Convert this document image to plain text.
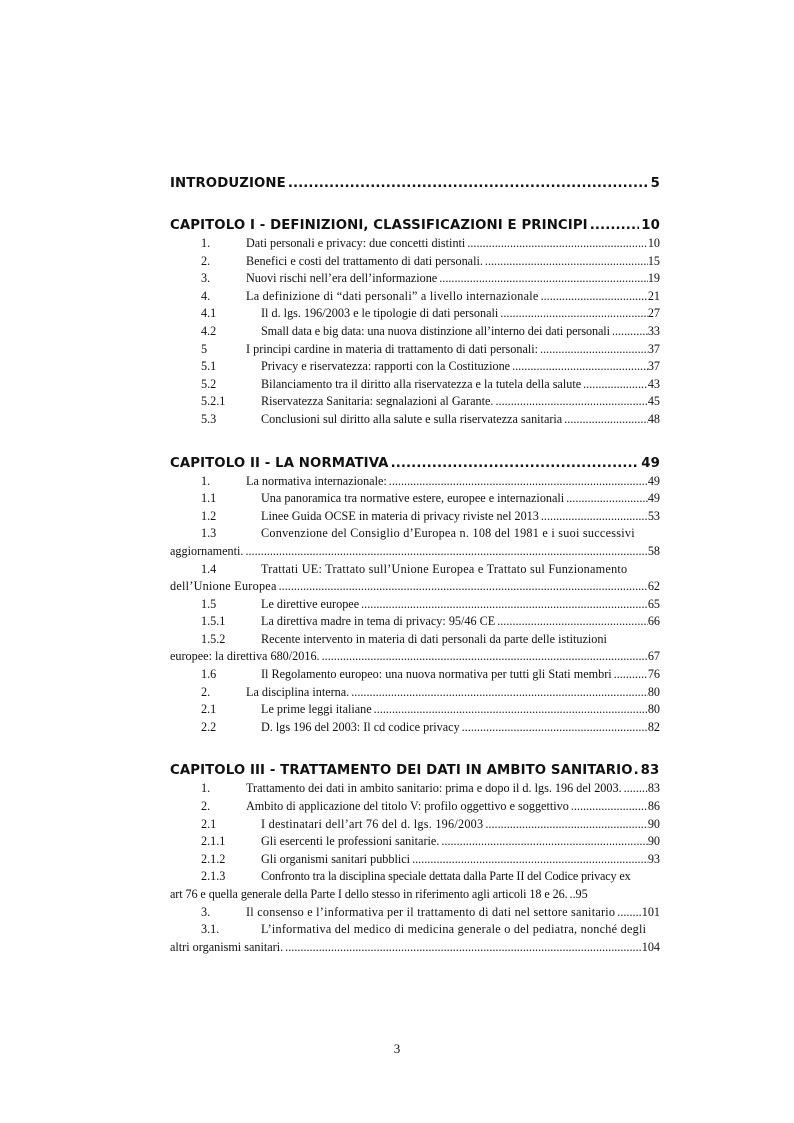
INTRODUZIONE .....	5
CAPITOLO I - DEFINIZIONI, CLASSIFICAZIONI E PRINCIPI .....	10
1.	Dati personali e privacy: due concetti distinti .....	10
2.	Benefici e costi del trattamento di dati personali. .....	15
3.	Nuovi rischi nell’era dell’informazione .....	19
4.	La definizione di “dati personali” a livello internazionale .....	21
4.1	Il d. lgs. 196/2003 e le tipologie di dati personali .....	27
4.2	Small data e big data: una nuova distinzione all’interno dei dati personali .....	33
5	I principi cardine in materia di trattamento di dati personali: .....	37
5.1	Privacy e riservatezza: rapporti con la Costituzione .....	37
5.2	Bilanciamento tra il diritto alla riservatezza e la tutela della salute .....	43
5.2.1	Riservatezza Sanitaria: segnalazioni al Garante. .....	45
5.3	Conclusioni sul diritto alla salute e sulla riservatezza sanitaria .....	48
CAPITOLO II - LA NORMATIVA .....	49
1.	La normativa internazionale: .....	49
1.1	Una panoramica tra normative estere, europee e internazionali .....	49
1.2	Linee Guida OCSE in materia di privacy riviste nel 2013 .....	53
1.3	Convenzione del Consiglio d’Europea n. 108 del 1981 e i suoi successivi
aggiornamenti. .....	58
1.4	Trattati UE: Trattato sull’Unione Europea e Trattato sul Funzionamento
dell’Unione Europea .....	62
1.5	Le direttive europee .....	65
1.5.1	La direttiva madre in tema di privacy: 95/46 CE .....	66
1.5.2	Recente intervento in materia di dati personali da parte delle istituzioni
europee: la direttiva 680/2016. .....	67
1.6	Il Regolamento europeo: una nuova normativa per tutti gli Stati membri .....	76
2.	La disciplina interna. .....	80
2.1	Le prime leggi italiane .....	80
2.2	D. lgs 196 del 2003: Il cd codice privacy .....	82
CAPITOLO III - TRATTAMENTO DEI DATI IN AMBITO SANITARIO ..... 83
1.	Trattamento dei dati in ambito sanitario: prima e dopo il d. lgs. 196 del 2003. ..... 83
2.	Ambito di applicazione del titolo V: profilo oggettivo e soggettivo .....	86
2.1	I destinatari dell’art 76 del d. lgs. 196/2003 .....	90
2.1.1	Gli esercenti le professioni sanitarie. .....	90
2.1.2	Gli organismi sanitari pubblici .....	93
2.1.3	Confronto tra la disciplina speciale dettata dalla Parte II del Codice privacy ex
art 76 e quella generale della Parte I dello stesso in riferimento agli articoli 18 e 26. ..... 95
3.	Il consenso e l’informativa per il trattamento di dati nel settore sanitario ..... 101
3.1.	L’informativa del medico di medicina generale o del pediatra, nonché degli
altri organismi sanitari. .....	104
3
